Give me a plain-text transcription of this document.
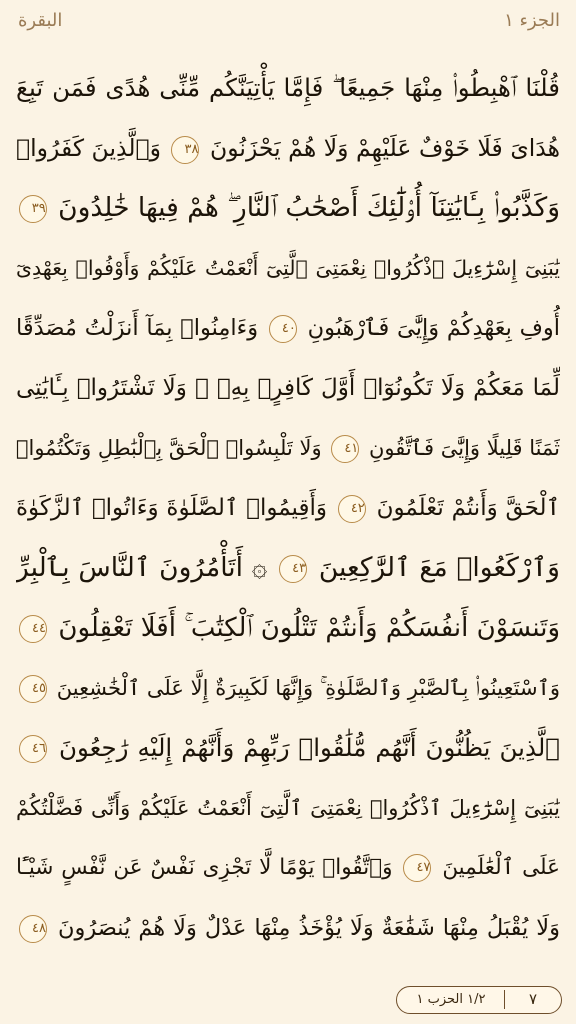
الجزء ١
البقرة
قُلْنَا ٱهْبِطُوا۟ مِنْهَا جَمِيعًا ۖ فَإِمَّا يَأْتِيَنَّكُم مِّنِّى هُدًى فَمَن تَبِعَ
هُدَاىَ فَلَا خَوْفٌ عَلَيْهِمْ وَلَا هُمْ يَحْزَنُونَ ٣٨ وَٱلَّذِينَ كَفَرُوا۟
وَكَذَّبُوا۟ بِـَٔايَٰتِنَآ أُو۟لَٰٓئِكَ أَصْحَٰبُ ٱلنَّارِ ۖ هُمْ فِيهَا خَٰلِدُونَ ٣٩
يَٰبَنِىٓ إِسْرَٰٓءِيلَ ٱذْكُرُوا۟ نِعْمَتِىَ ٱلَّتِىٓ أَنْعَمْتُ عَلَيْكُمْ وَأَوْفُوا۟ بِعَهْدِىٓ
أُوفِ بِعَهْدِكُمْ وَإِيَّٰىَ فَٱرْهَبُونِ ٤٠ وَءَامِنُوا۟ بِمَآ أَنزَلْتُ مُصَدِّقًا
لِّمَا مَعَكُمْ وَلَا تَكُونُوٓا۟ أَوَّلَ كَافِرٍۭ بِهِۦ ۖ وَلَا تَشْتَرُوا۟ بِـَٔايَٰتِى
ثَمَنًا قَلِيلًا وَإِيَّٰىَ فَٱتَّقُونِ ٤١ وَلَا تَلْبِسُوا۟ ٱلْحَقَّ بِٱلْبَٰطِلِ وَتَكْتُمُوا۟
ٱلْحَقَّ وَأَنتُمْ تَعْلَمُونَ ٤٢ وَأَقِيمُوا۟ ٱلصَّلَوٰةَ وَءَاتُوا۟ ٱلزَّكَوٰةَ
وَٱرْكَعُوا۟ مَعَ ٱلرَّٰكِعِينَ ٤٣ ۞ أَتَأْمُرُونَ ٱلنَّاسَ بِٱلْبِرِّ
وَتَنسَوْنَ أَنفُسَكُمْ وَأَنتُمْ تَتْلُونَ ٱلْكِتَٰبَ ۚ أَفَلَا تَعْقِلُونَ ٤٤
وَٱسْتَعِينُوا۟ بِٱلصَّبْرِ وَٱلصَّلَوٰةِ ۚ وَإِنَّهَا لَكَبِيرَةٌ إِلَّا عَلَى ٱلْخَٰشِعِينَ ٤٥
ٱلَّذِينَ يَظُنُّونَ أَنَّهُم مُّلَٰقُوا۟ رَبِّهِمْ وَأَنَّهُمْ إِلَيْهِ رَٰجِعُونَ ٤٦
يَٰبَنِىٓ إِسْرَٰٓءِيلَ ٱذْكُرُوا۟ نِعْمَتِىَ ٱلَّتِىٓ أَنْعَمْتُ عَلَيْكُمْ وَأَنِّى فَضَّلْتُكُمْ
عَلَى ٱلْعَٰلَمِينَ ٤٧ وَٱتَّقُوا۟ يَوْمًا لَّا تَجْزِى نَفْسٌ عَن نَّفْسٍ شَيْـًٔا
وَلَا يُقْبَلُ مِنْهَا شَفَٰعَةٌ وَلَا يُؤْخَذُ مِنْهَا عَدْلٌ وَلَا هُمْ يُنصَرُونَ ٤٨
٧
١/٢ الحزب ١
